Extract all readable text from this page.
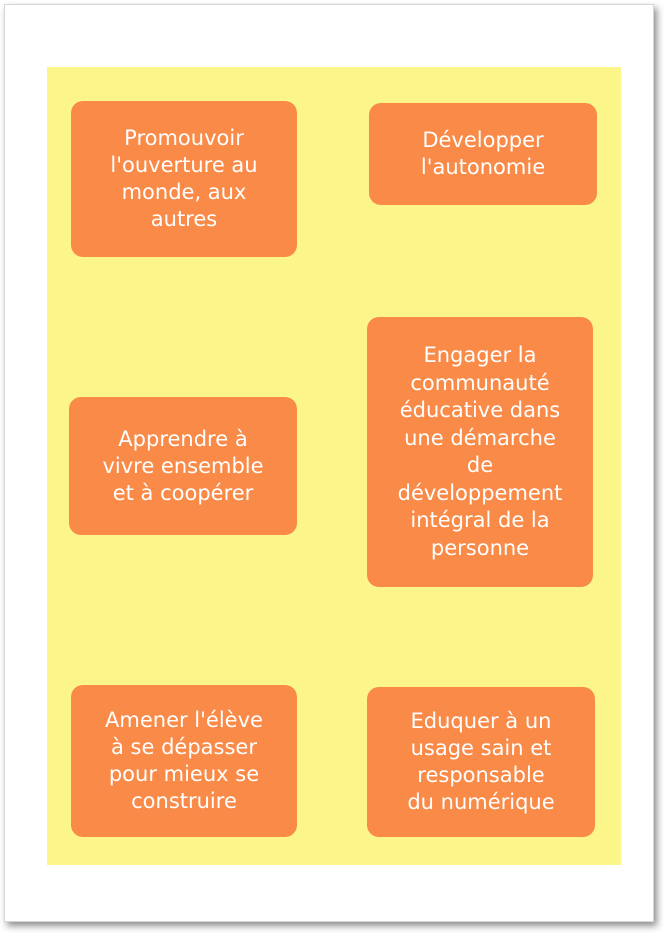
Promouvoir
l'ouverture au
monde, aux
autres
Développer
l'autonomie
Apprendre à
vivre ensemble
et à coopérer
Engager la
communauté
éducative dans
une démarche
de
développement
intégral de la
personne
Amener l'élève
à se dépasser
pour mieux se
construire
Eduquer à un
usage sain et
responsable
du numérique
